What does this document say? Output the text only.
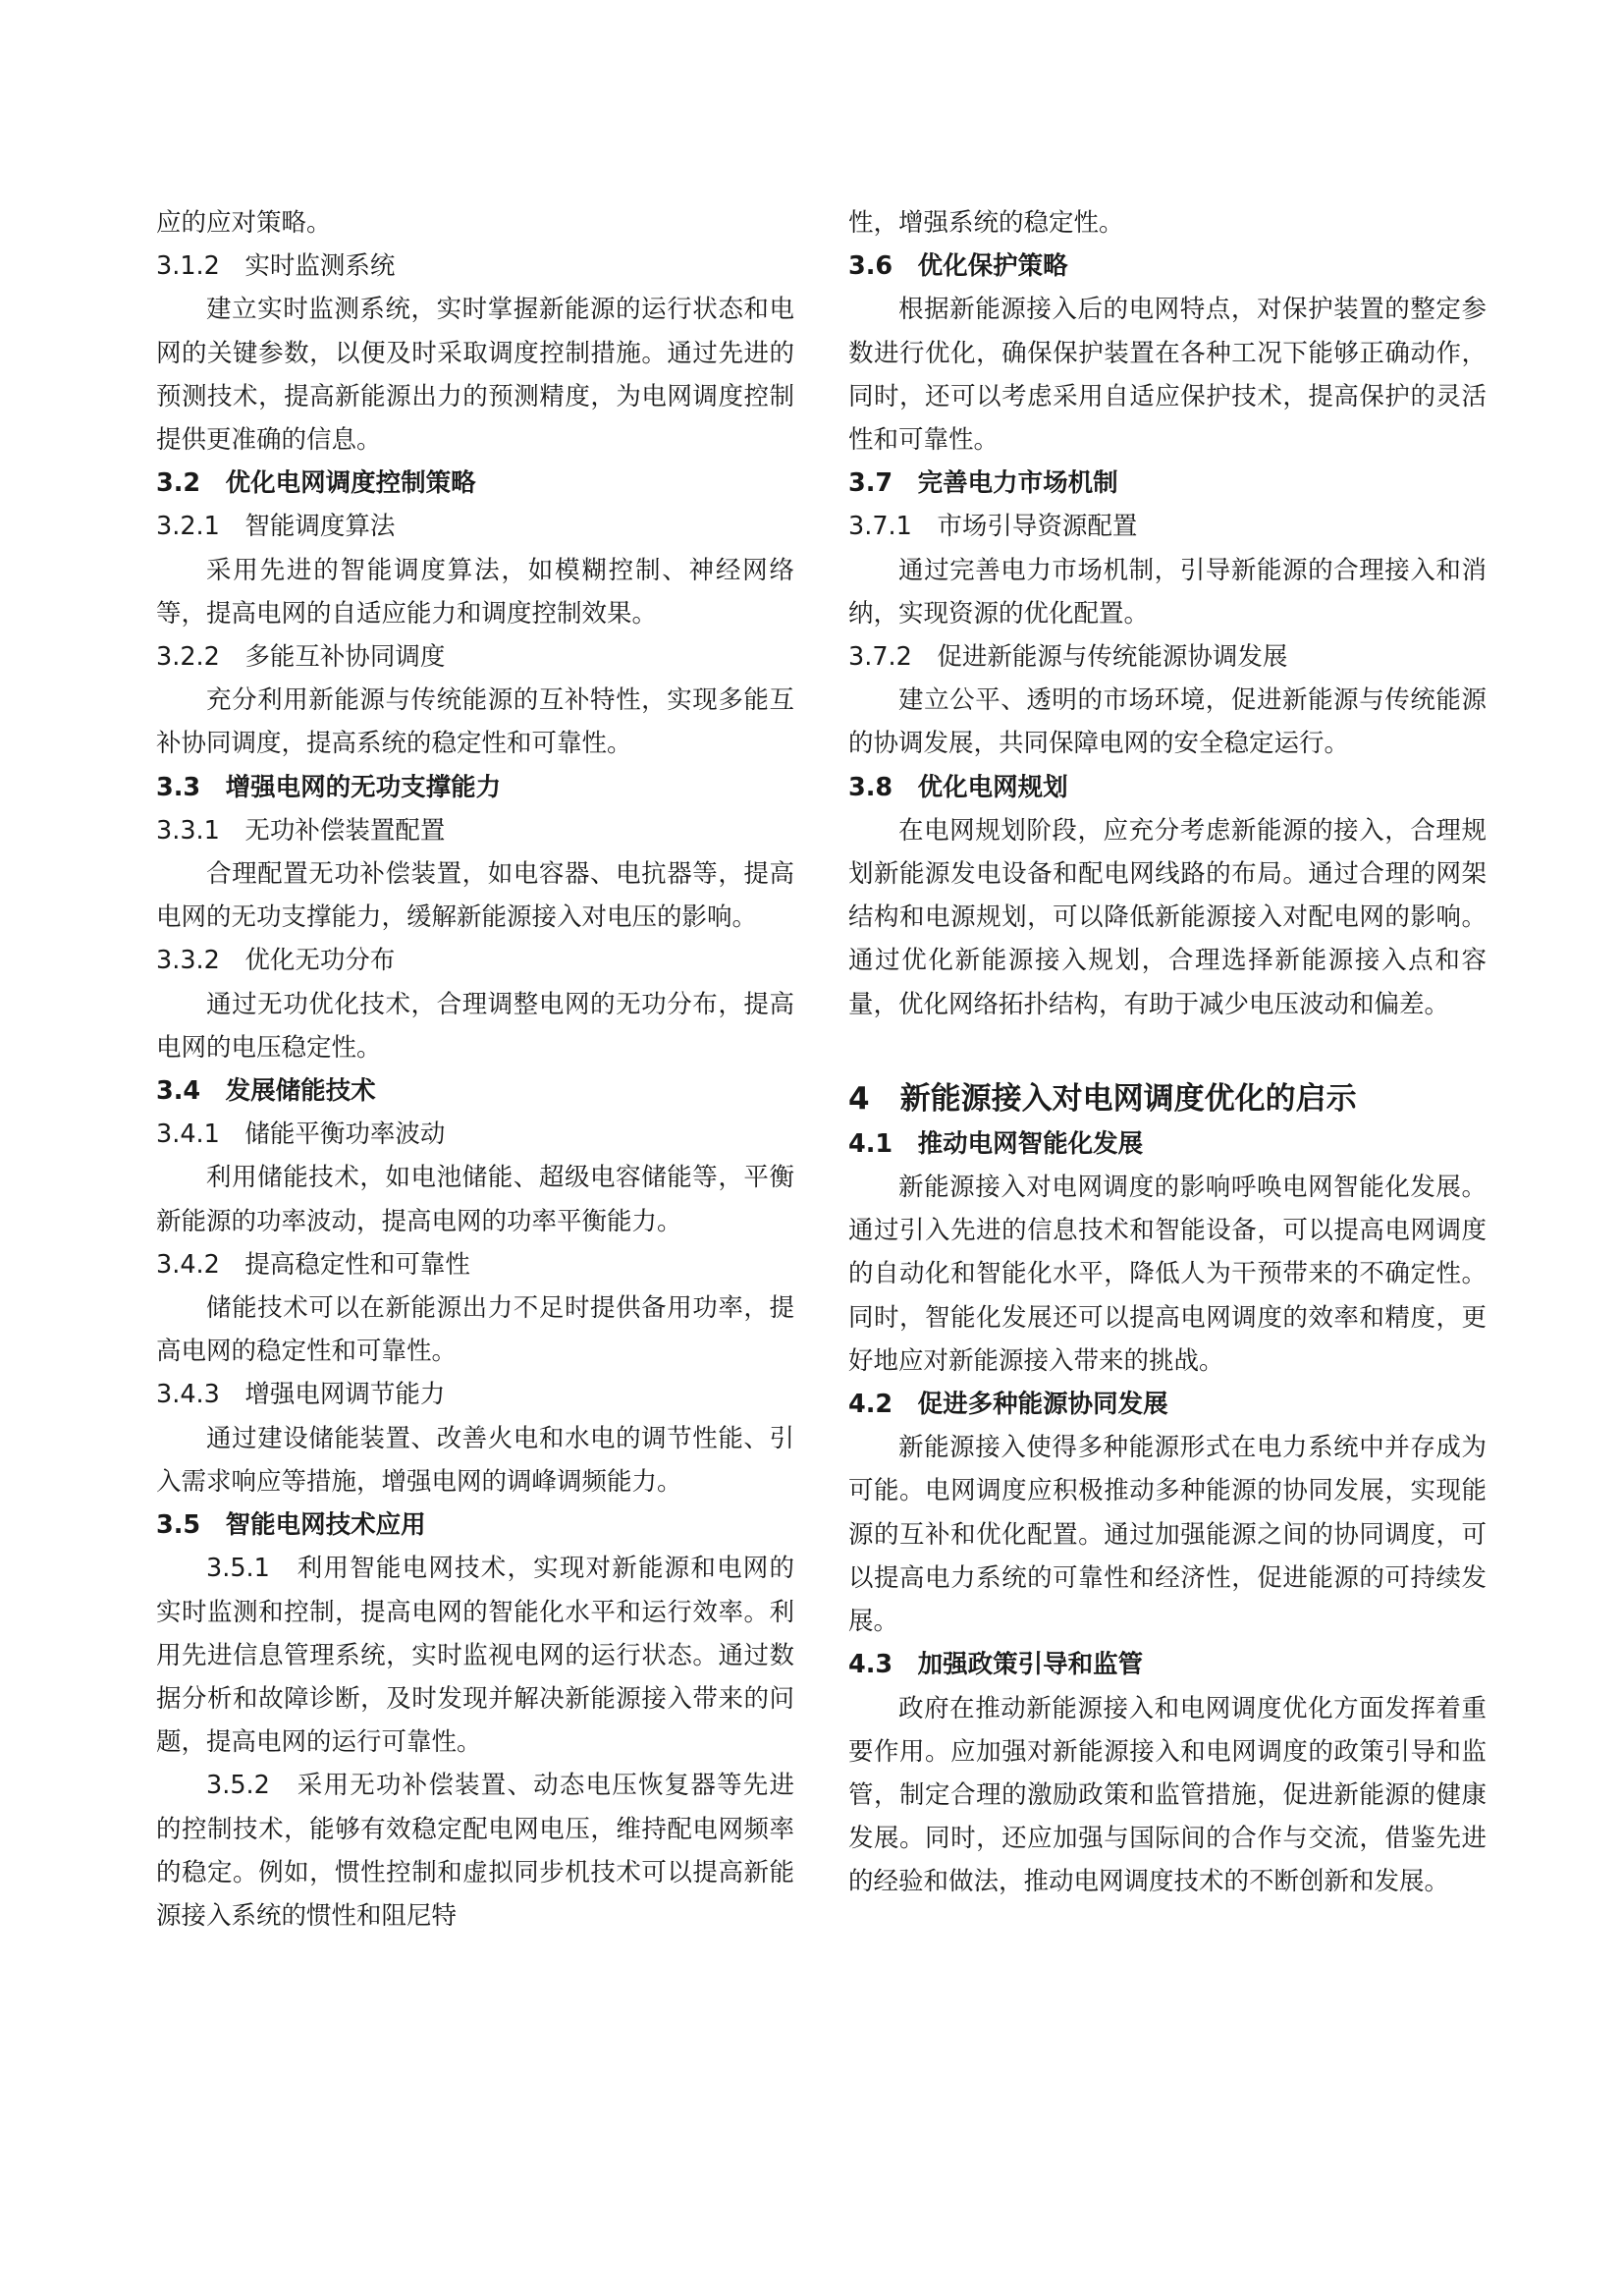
应的应对策略。

3.1.2　实时监测系统

建立实时监测系统，实时掌握新能源的运行状态和电网的关键参数，以便及时采取调度控制措施。通过先进的预测技术，提高新能源出力的预测精度，为电网调度控制提供更准确的信息。

3.2　优化电网调度控制策略

3.2.1　智能调度算法

采用先进的智能调度算法，如模糊控制、神经网络等，提高电网的自适应能力和调度控制效果。

3.2.2　多能互补协同调度

充分利用新能源与传统能源的互补特性，实现多能互补协同调度，提高系统的稳定性和可靠性。

3.3　增强电网的无功支撑能力

3.3.1　无功补偿装置配置

合理配置无功补偿装置，如电容器、电抗器等，提高电网的无功支撑能力，缓解新能源接入对电压的影响。

3.3.2　优化无功分布

通过无功优化技术，合理调整电网的无功分布，提高电网的电压稳定性。

3.4　发展储能技术

3.4.1　储能平衡功率波动

利用储能技术，如电池储能、超级电容储能等，平衡新能源的功率波动，提高电网的功率平衡能力。

3.4.2　提高稳定性和可靠性

储能技术可以在新能源出力不足时提供备用功率，提高电网的稳定性和可靠性。

3.4.3　增强电网调节能力

通过建设储能装置、改善火电和水电的调节性能、引入需求响应等措施，增强电网的调峰调频能力。

3.5　智能电网技术应用

3.5.1　利用智能电网技术，实现对新能源和电网的实时监测和控制，提高电网的智能化水平和运行效率。利用先进信息管理系统，实时监视电网的运行状态。通过数据分析和故障诊断，及时发现并解决新能源接入带来的问题，提高电网的运行可靠性。

3.5.2　采用无功补偿装置、动态电压恢复器等先进的控制技术，能够有效稳定配电网电压，维持配电网频率的稳定。例如，惯性控制和虚拟同步机技术可以提高新能源接入系统的惯性和阻尼特

性，增强系统的稳定性。

3.6　优化保护策略

根据新能源接入后的电网特点，对保护装置的整定参数进行优化，确保保护装置在各种工况下能够正确动作，同时，还可以考虑采用自适应保护技术，提高保护的灵活性和可靠性。

3.7　完善电力市场机制

3.7.1　市场引导资源配置

通过完善电力市场机制，引导新能源的合理接入和消纳，实现资源的优化配置。

3.7.2　促进新能源与传统能源协调发展

建立公平、透明的市场环境，促进新能源与传统能源的协调发展，共同保障电网的安全稳定运行。

3.8　优化电网规划

在电网规划阶段，应充分考虑新能源的接入，合理规划新能源发电设备和配电网线路的布局。通过合理的网架结构和电源规划，可以降低新能源接入对配电网的影响。通过优化新能源接入规划，合理选择新能源接入点和容量，优化网络拓扑结构，有助于减少电压波动和偏差。

4　新能源接入对电网调度优化的启示

4.1　推动电网智能化发展

新能源接入对电网调度的影响呼唤电网智能化发展。通过引入先进的信息技术和智能设备，可以提高电网调度的自动化和智能化水平，降低人为干预带来的不确定性。同时，智能化发展还可以提高电网调度的效率和精度，更好地应对新能源接入带来的挑战。

4.2　促进多种能源协同发展

新能源接入使得多种能源形式在电力系统中并存成为可能。电网调度应积极推动多种能源的协同发展，实现能源的互补和优化配置。通过加强能源之间的协同调度，可以提高电力系统的可靠性和经济性，促进能源的可持续发展。

4.3　加强政策引导和监管

政府在推动新能源接入和电网调度优化方面发挥着重要作用。应加强对新能源接入和电网调度的政策引导和监管，制定合理的激励政策和监管措施，促进新能源的健康发展。同时，还应加强与国际间的合作与交流，借鉴先进的经验和做法，推动电网调度技术的不断创新和发展。
